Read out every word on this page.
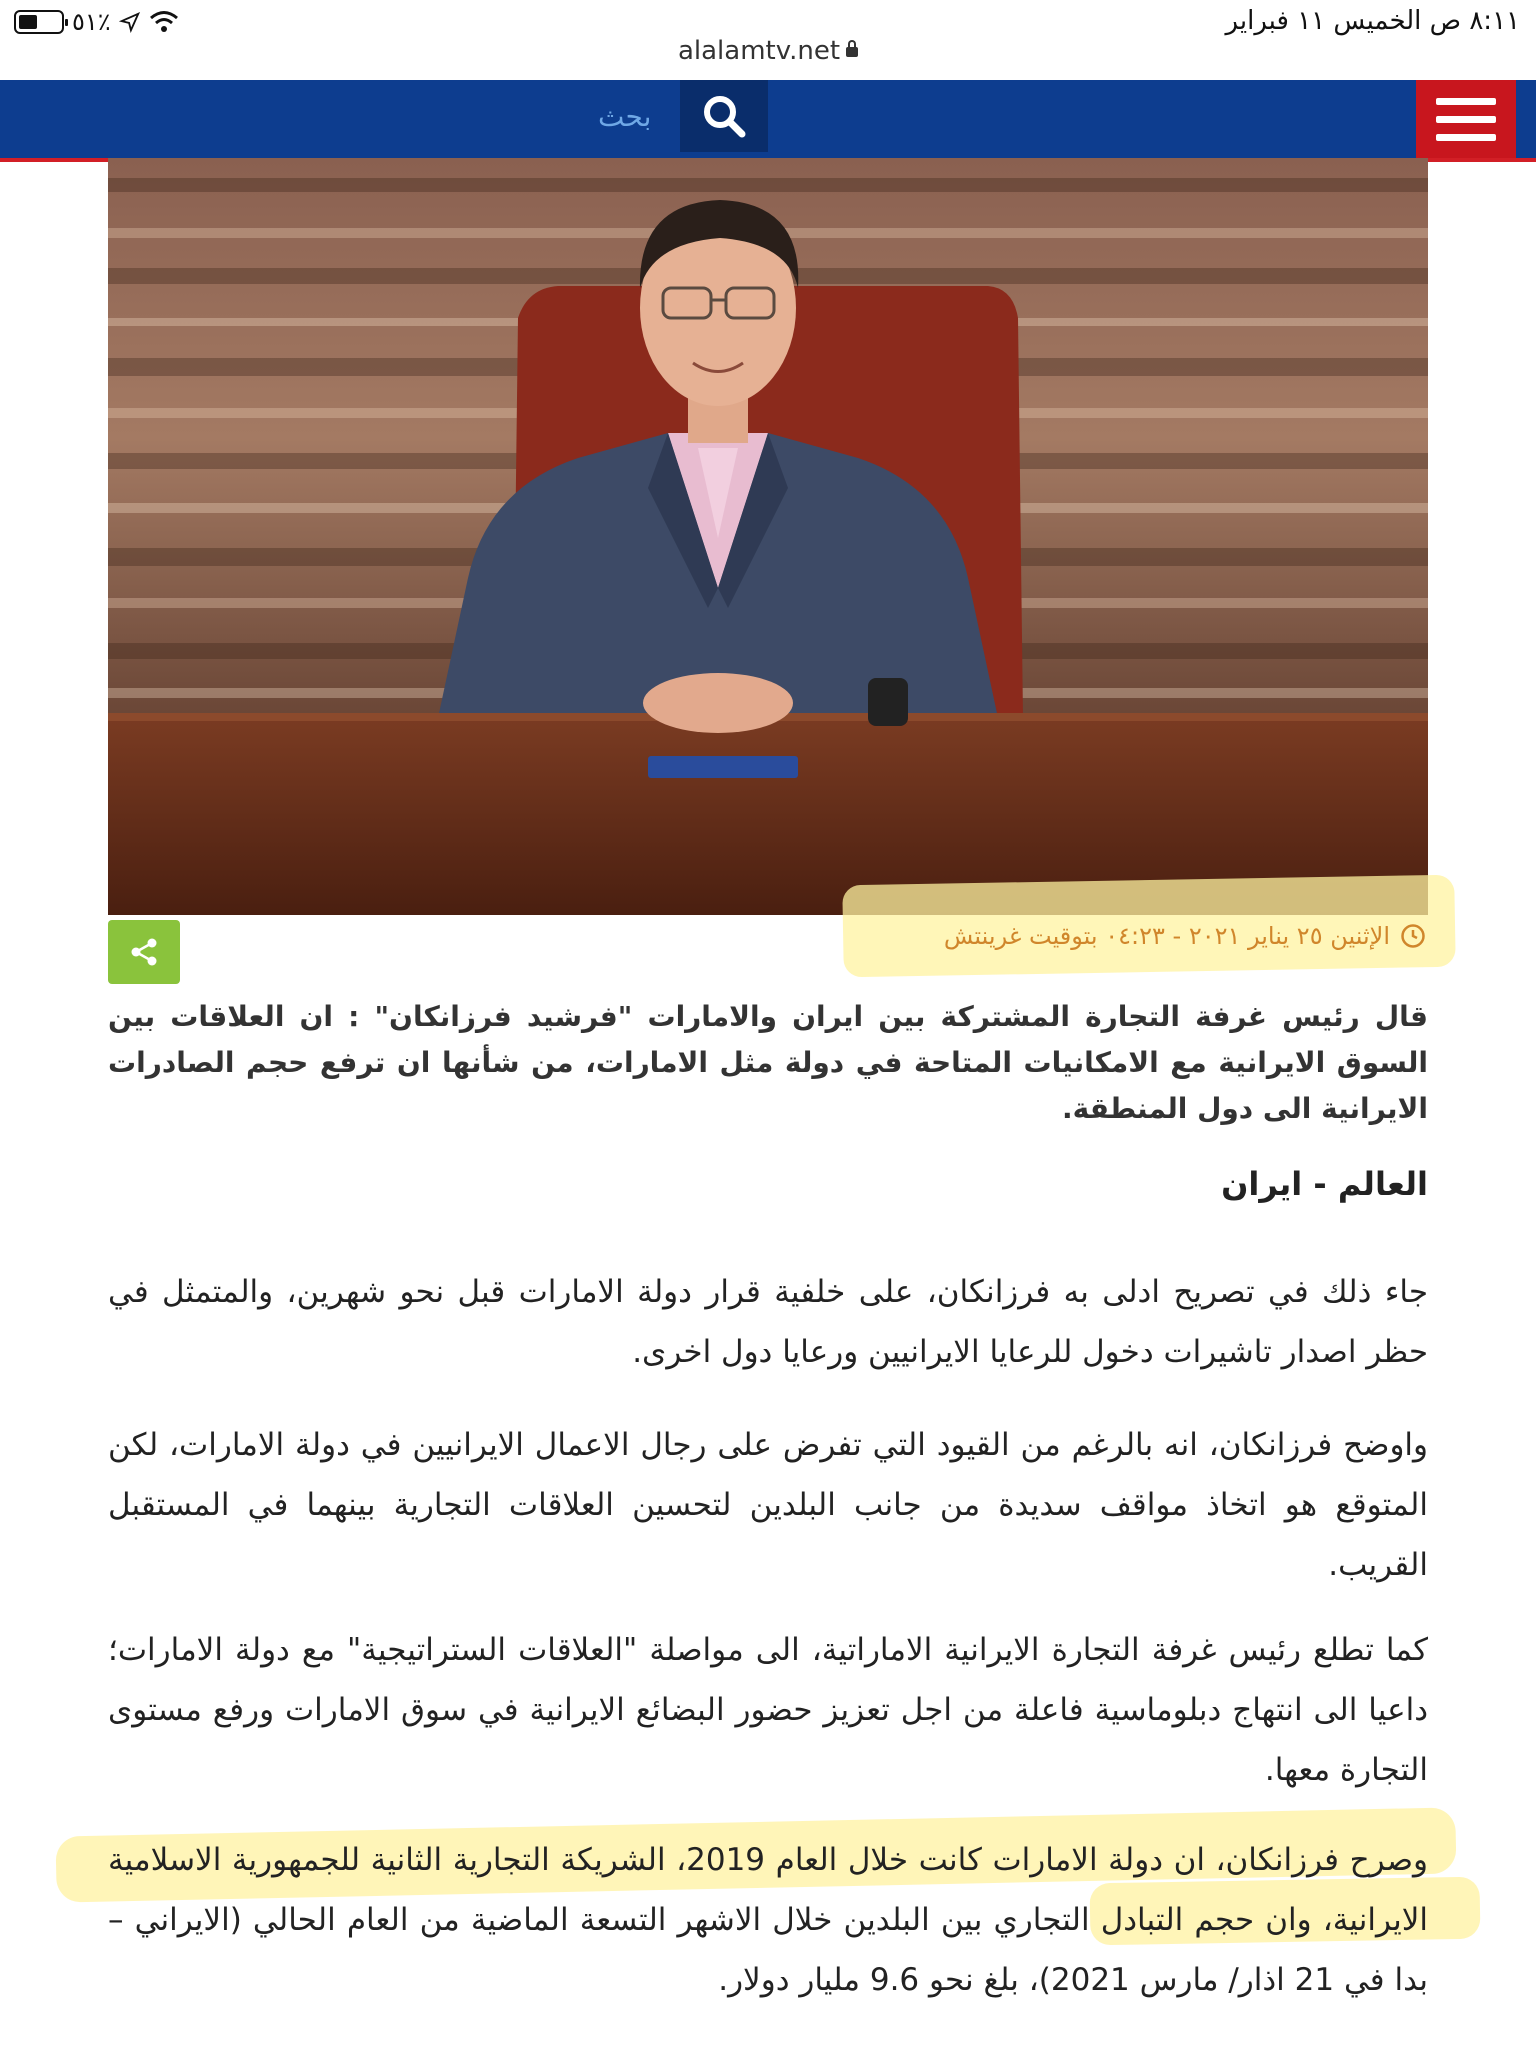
٨:١١ ص الخميس ١١ فبراير
٥١٪
alalamtv.net
بحث
الإثنين ٢٥ يناير ٢٠٢١ - ٠٤:٢٣ بتوقيت غرينتش
قال رئيس غرفة التجارة المشتركة بين ايران والامارات "فرشيد فرزانكان" : ان العلاقات بين السوق الايرانية مع الامكانيات المتاحة في دولة مثل الامارات، من شأنها ان ترفع حجم الصادرات الايرانية الى دول المنطقة.
العالم - ايران
جاء ذلك في تصريح ادلى به فرزانكان، على خلفية قرار دولة الامارات قبل نحو شهرين، والمتمثل في حظر اصدار تاشيرات دخول للرعايا الايرانيين ورعايا دول اخرى.
واوضح فرزانكان، انه بالرغم من القيود التي تفرض على رجال الاعمال الايرانيين في دولة الامارات، لكن المتوقع هو اتخاذ مواقف سديدة من جانب البلدين لتحسين العلاقات التجارية بينهما في المستقبل القريب.
كما تطلع رئيس غرفة التجارة الايرانية الاماراتية، الى مواصلة "العلاقات الستراتيجية" مع دولة الامارات؛ داعيا الى انتهاج دبلوماسية فاعلة من اجل تعزيز حضور البضائع الايرانية في سوق الامارات ورفع مستوى التجارة معها.
وصرح فرزانكان، ان دولة الامارات كانت خلال العام 2019، الشريكة التجارية الثانية للجمهورية الاسلامية الايرانية، وان حجم التبادل التجاري بين البلدين خلال الاشهر التسعة الماضية من العام الحالي (الايراني – بدا في 21 اذار/ مارس 2021)، بلغ نحو 9.6 مليار دولار.
